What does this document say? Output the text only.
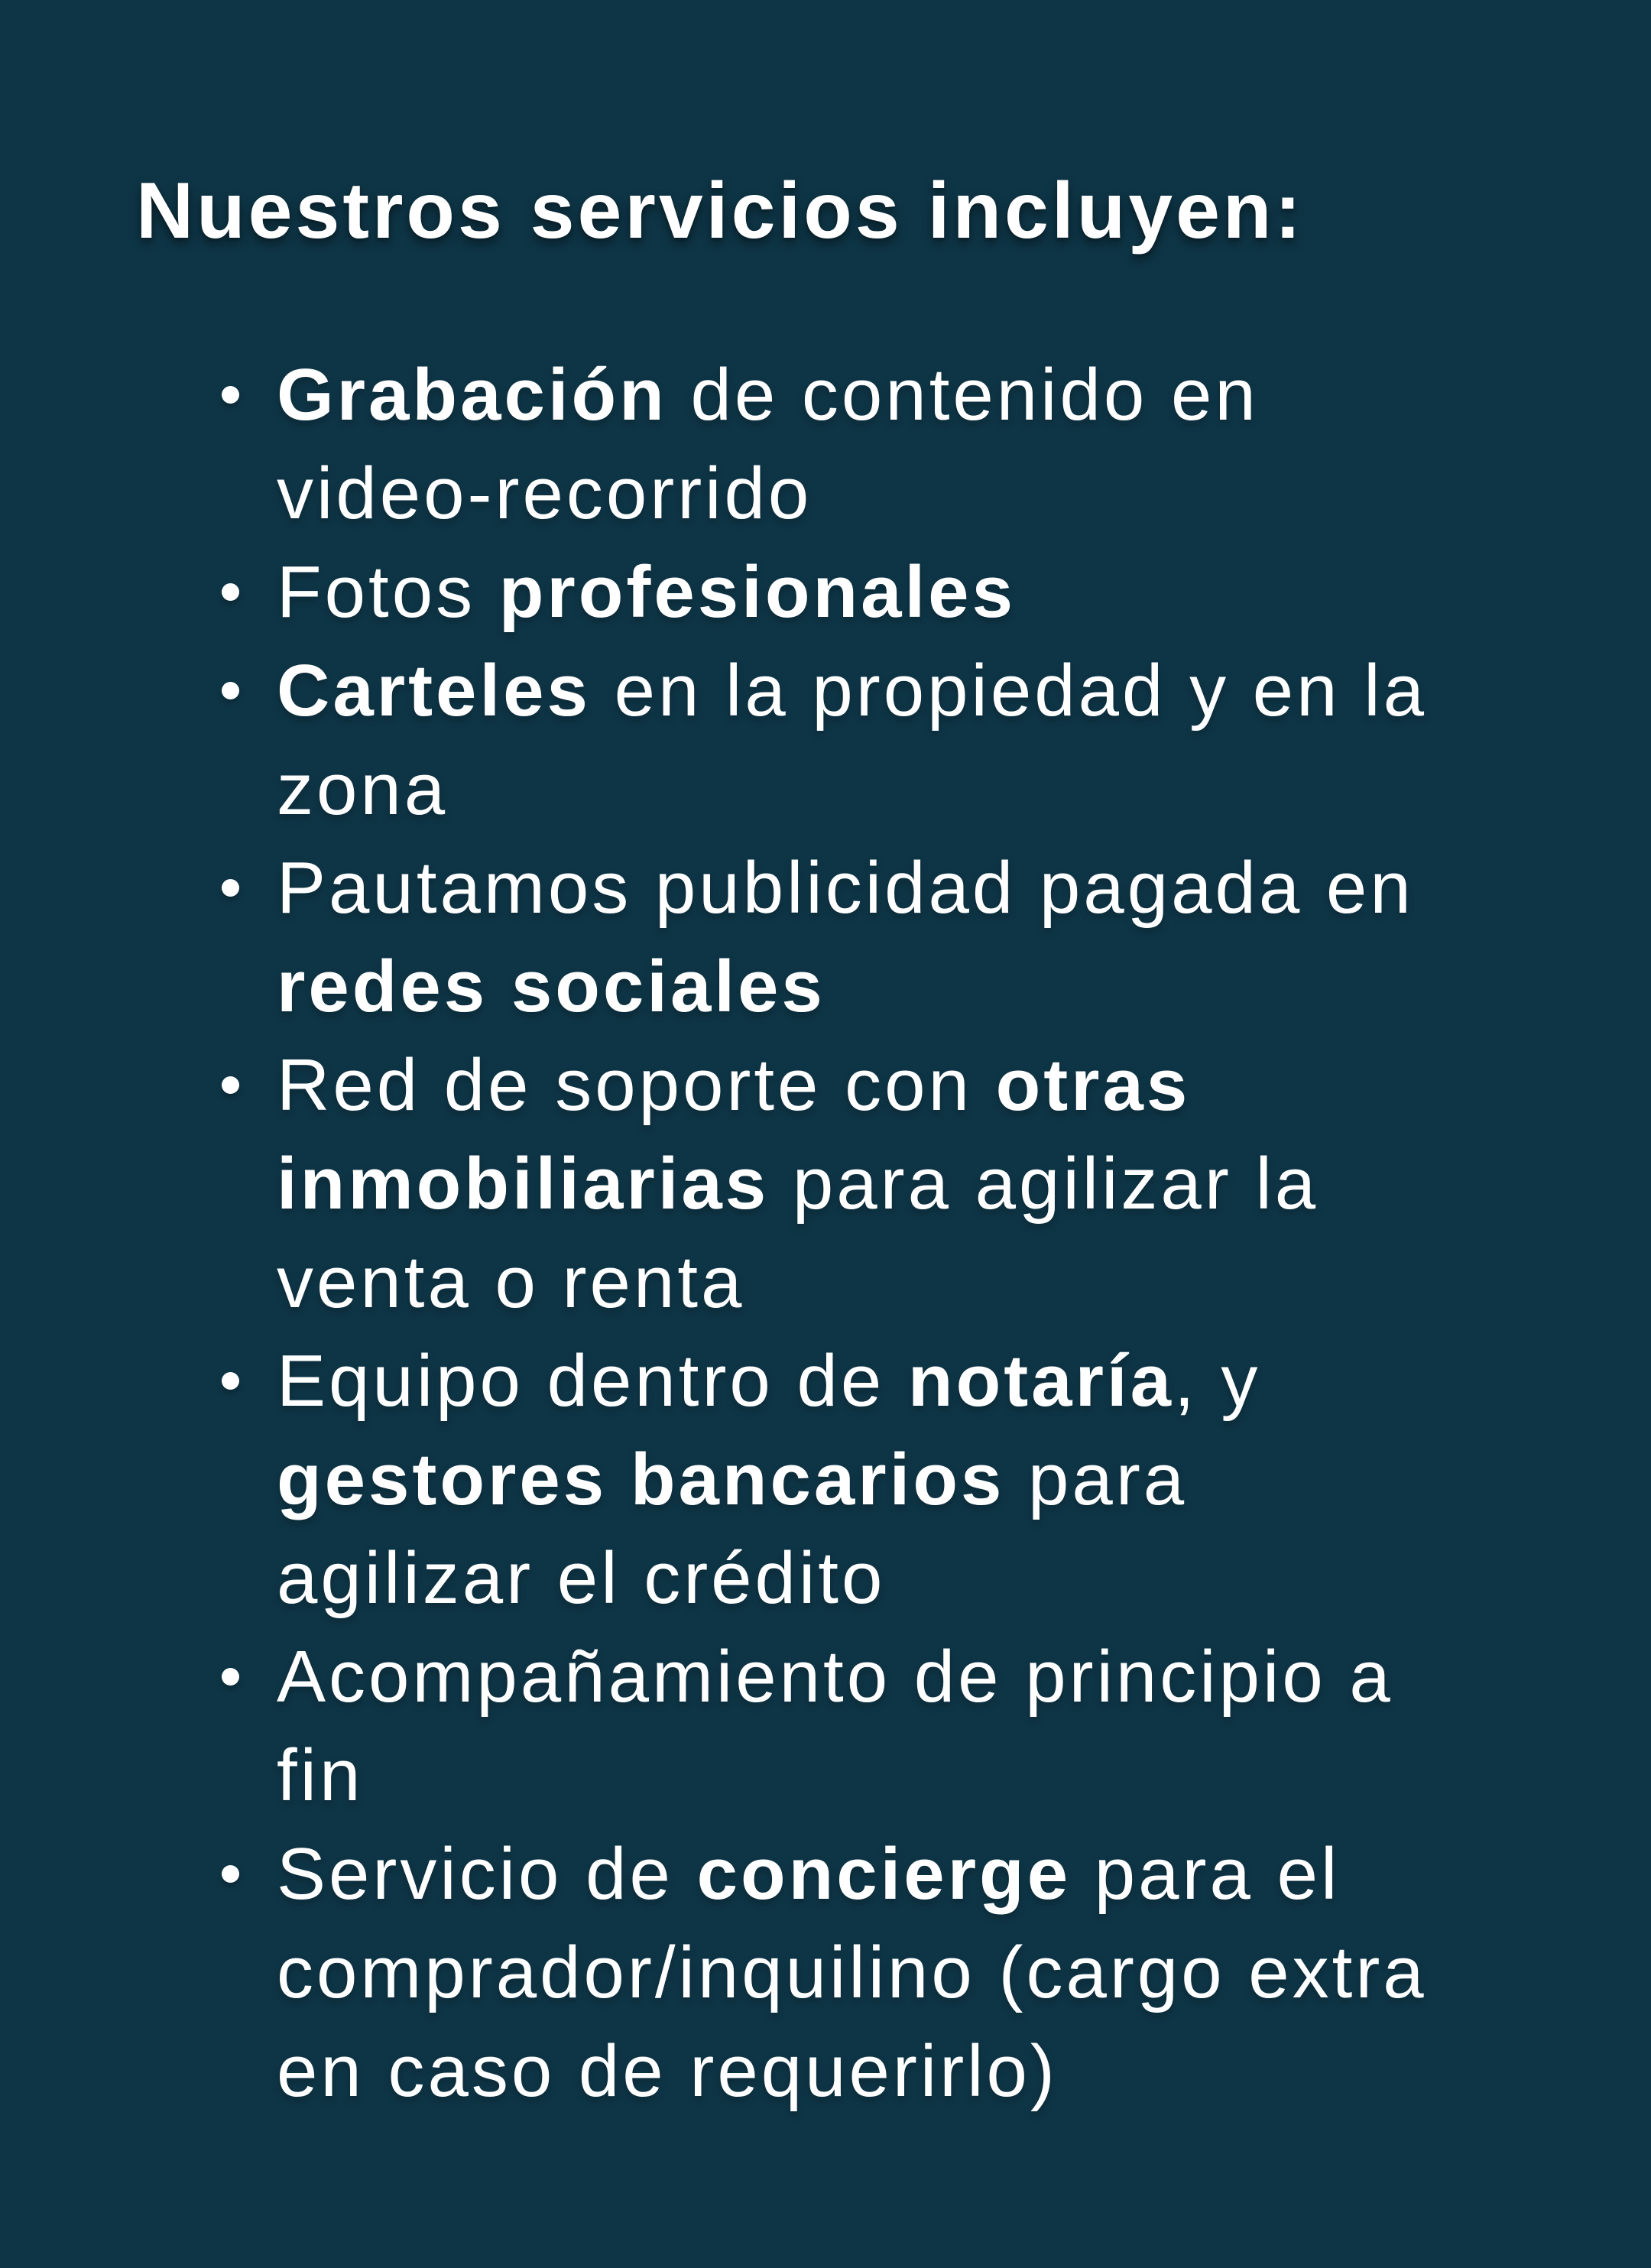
Nuestros servicios incluyen:
Grabación de contenido en
video-recorrido
Fotos profesionales
Carteles en la propiedad y en la
zona
Pautamos publicidad pagada en
redes sociales
Red de soporte con otras
inmobiliarias para agilizar la
venta o renta
Equipo dentro de notaría, y
gestores bancarios para
agilizar el crédito
Acompañamiento de principio a
fin
Servicio de concierge para el
comprador/inquilino (cargo extra
en caso de requerirlo)
